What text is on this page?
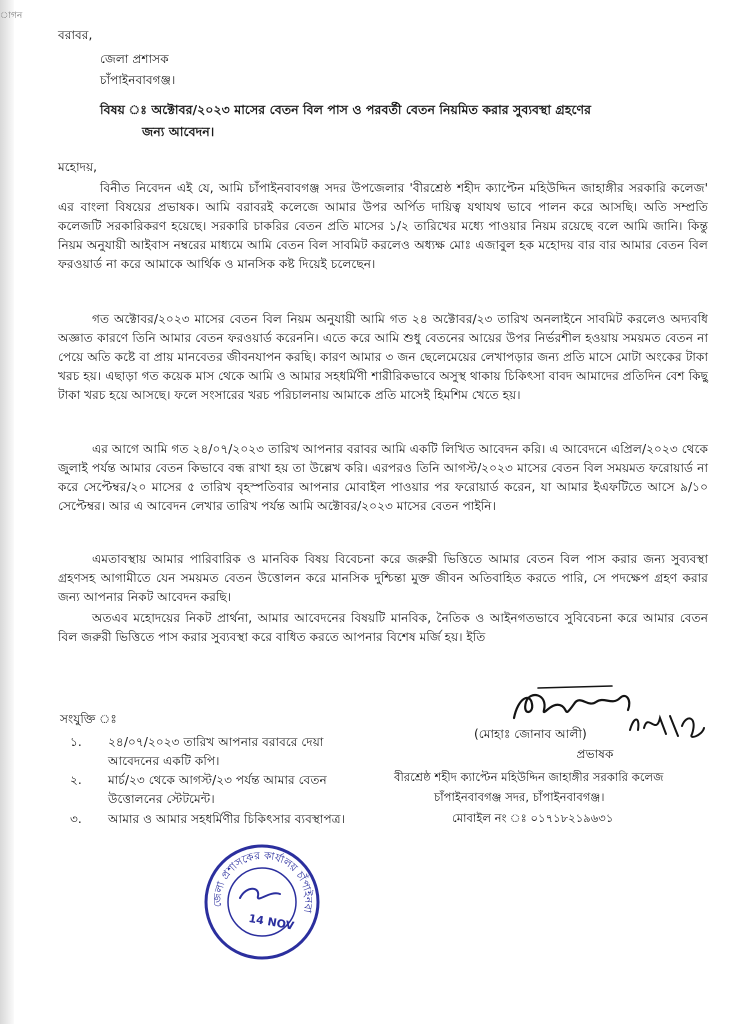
াগন
বরাবর,
জেলা প্রশাসক
চাঁপাইনবাবগঞ্জ।
বিষয় ঃ অক্টোবর/২০২৩ মাসের বেতন বিল পাস ও পরবর্তী বেতন নিয়মিত করার সুব্যবস্থা গ্রহণের
জন্য আবেদন।
মহোদয়,
বিনীত নিবেদন এই যে, আমি চাঁপাইনবাবগঞ্জ সদর উপজেলার 'বীরশ্রেষ্ঠ শহীদ ক্যাপ্টেন মহিউদ্দিন জাহাঙ্গীর সরকারি কলেজ' এর বাংলা বিষয়ের প্রভাষক। আমি বরাবরই কলেজে আমার উপর অর্পিত দায়িত্ব যথাযথ ভাবে পালন করে আসছি। অতি সম্প্রতি কলেজটি সরকারিকরণ হয়েছে। সরকারি চাকরির বেতন প্রতি মাসের ১/২ তারিখের মধ্যে পাওয়ার নিয়ম রয়েছে বলে আমি জানি। কিন্তু নিয়ম অনুযায়ী আইবাস নম্বরের মাধ্যমে আমি বেতন বিল সাবমিট করলেও অধ্যক্ষ মোঃ এজাবুল হক মহোদয় বার বার আমার বেতন বিল ফরওয়ার্ড না করে আমাকে আর্থিক ও মানসিক কষ্ট দিয়েই চলেছেন।
গত অক্টোবর/২০২৩ মাসের বেতন বিল নিয়ম অনুযায়ী আমি গত ২৪ অক্টোবর/২৩ তারিখ অনলাইনে সাবমিট করলেও অদ্যবধি অজ্ঞাত কারণে তিনি আমার বেতন ফরওয়ার্ড করেননি। এতে করে আমি শুধু বেতনের আয়ের উপর নির্ভরশীল হওয়ায় সময়মত বেতন না পেয়ে অতি কষ্টে বা প্রায় মানবেতর জীবনযাপন করছি। কারণ আমার ৩ জন ছেলেমেয়ের লেখাপড়ার জন্য প্রতি মাসে মোটা অংকের টাকা খরচ হয়। এছাড়া গত কয়েক মাস থেকে আমি ও আমার সহধর্মিণী শারীরিকভাবে অসুস্থ থাকায় চিকিৎসা বাবদ আমাদের প্রতিদিন বেশ কিছু টাকা খরচ হয়ে আসছে। ফলে সংসারের খরচ পরিচালনায় আমাকে প্রতি মাসেই হিমশিম খেতে হয়।
এর আগে আমি গত ২৪/০৭/২০২৩ তারিখ আপনার বরাবর আমি একটি লিখিত আবেদন করি। এ আবেদনে এপ্রিল/২০২৩ থেকে জুলাই পর্যন্ত আমার বেতন কিভাবে বন্ধ রাখা হয় তা উল্লেখ করি। এরপরও তিনি আগস্ট/২০২৩ মাসের বেতন বিল সময়মত ফরোয়ার্ড না করে সেপ্টেম্বর/২০ মাসের ৫ তারিখ বৃহস্পতিবার আপনার মোবাইল পাওয়ার পর ফরোয়ার্ড করেন, যা আমার ইএফটিতে আসে ৯/১০ সেপ্টেম্বর। আর এ আবেদন লেখার তারিখ পর্যন্ত আমি অক্টোবর/২০২৩ মাসের বেতন পাইনি।
এমতাবস্থায় আমার পারিবারিক ও মানবিক বিষয় বিবেচনা করে জরুরী ভিত্তিতে আমার বেতন বিল পাস করার জন্য সুব্যবস্থা গ্রহণসহ আগামীতে যেন সময়মত বেতন উত্তোলন করে মানসিক দুশ্চিন্তা মুক্ত জীবন অতিবাহিত করতে পারি, সে পদক্ষেপ গ্রহণ করার জন্য আপনার নিকট আবেদন করছি।
অতএব মহোদয়ের নিকট প্রার্থনা, আমার আবেদনের বিষয়টি মানবিক, নৈতিক ও আইনগতভাবে সুবিবেচনা করে আমার বেতন বিল জরুরী ভিত্তিতে পাস করার সুব্যবস্থা করে বাধিত করতে আপনার বিশেষ মর্জি হয়। ইতি
সংযুক্তি ঃ
১. ২৪/০৭/২০২৩ তারিখ আপনার বরাবরে দেয়া আবেদনের একটি কপি।
২. মার্চ/২৩ থেকে আগস্ট/২৩ পর্যন্ত আমার বেতন উত্তোলনের স্টেটমেন্ট।
৩. আমার ও আমার সহধর্মিণীর চিকিৎসার ব্যবস্থাপত্র।
(মোহাঃ জোনাব আলী)
প্রভাষক
বীরশ্রেষ্ঠ শহীদ ক্যাপ্টেন মহিউদ্দিন জাহাঙ্গীর সরকারি কলেজ
চাঁপাইনবাবগঞ্জ সদর, চাঁপাইনবাবগঞ্জ।
মোবাইল নং ঃ ০১৭১৮২১৯৬৩১
জেলা প্রশাসকের কার্যালয় চাঁপাইনবাবগঞ্জ
14 NOV
